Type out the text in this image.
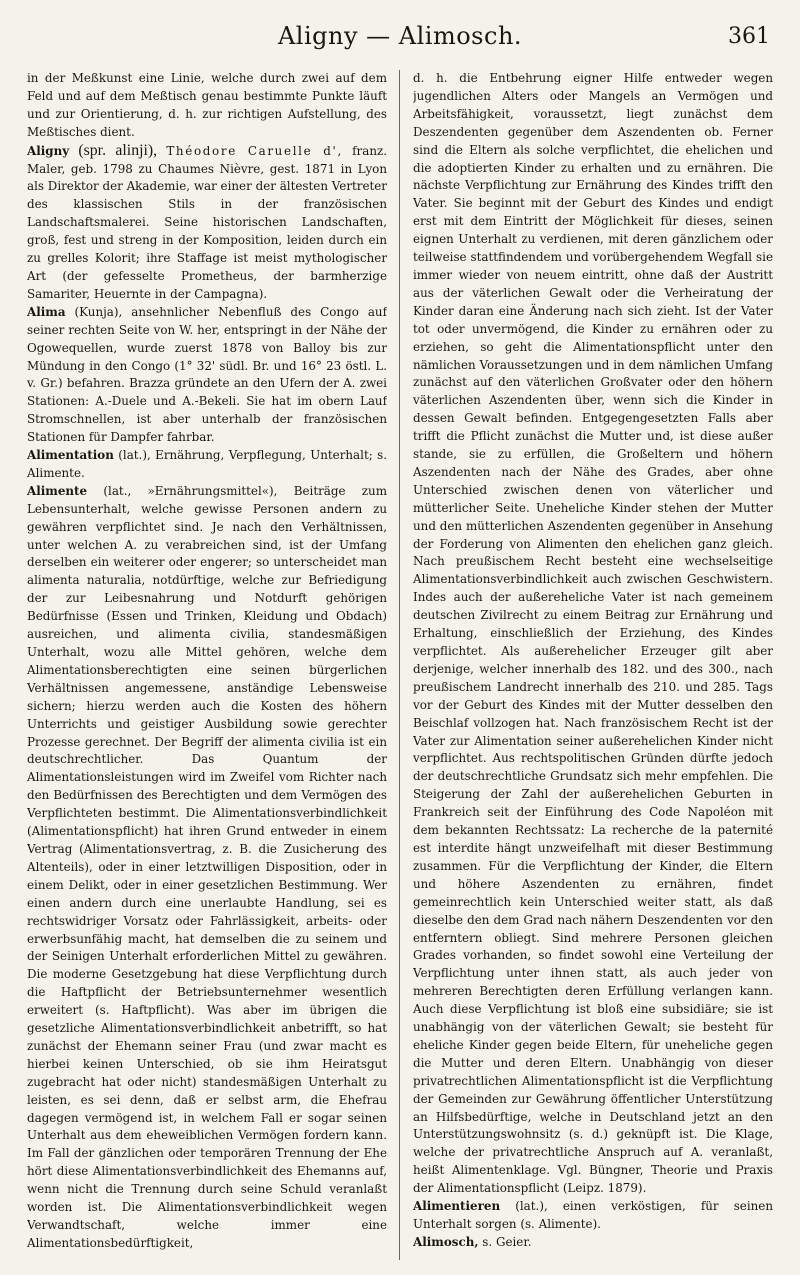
Aligny — Alimosch.	361

in der Meßkunst eine Linie, welche durch zwei auf dem Feld und auf dem Meßtisch genau bestimmte Punkte läuft und zur Orientierung, d. h. zur richtigen Aufstellung, des Meßtisches dient.

Aligny (spr. alinji), Théodore Caruelle d', franz. Maler, geb. 1798 zu Chaumes Nièvre, gest. 1871 in Lyon als Direktor der Akademie, war einer der ältesten Vertreter des klassischen Stils in der französischen Landschaftsmalerei. Seine historischen Landschaften, groß, fest und streng in der Komposition, leiden durch ein zu grelles Kolorit; ihre Staffage ist meist mythologischer Art (der gefesselte Prometheus, der barmherzige Samariter, Heuernte in der Campagna).

Alima (Kunja), ansehnlicher Nebenfluß des Congo auf seiner rechten Seite von W. her, entspringt in der Nähe der Ogowequellen, wurde zuerst 1878 von Balloy bis zur Mündung in den Congo (1° 32' südl. Br. und 16° 23 östl. L. v. Gr.) befahren. Brazza gründete an den Ufern der A. zwei Stationen: A.-Duele und A.-Bekeli. Sie hat im obern Lauf Stromschnellen, ist aber unterhalb der französischen Stationen für Dampfer fahrbar.

Alimentation (lat.), Ernährung, Verpflegung, Unterhalt; s. Alimente.

Alimente (lat., »Ernährungsmittel«), Beiträge zum Lebensunterhalt, welche gewisse Personen andern zu gewähren verpflichtet sind. Je nach den Verhältnissen, unter welchen A. zu verabreichen sind, ist der Umfang derselben ein weiterer oder engerer; so unterscheidet man alimenta naturalia, notdürftige, welche zur Befriedigung der zur Leibesnahrung und Notdurft gehörigen Bedürfnisse (Essen und Trinken, Kleidung und Obdach) ausreichen, und alimenta civilia, standesmäßigen Unterhalt, wozu alle Mittel gehören, welche dem Alimentationsberechtigten eine seinen bürgerlichen Verhältnissen angemessene, anständige Lebensweise sichern; hierzu werden auch die Kosten des höhern Unterrichts und geistiger Ausbildung sowie gerechter Prozesse gerechnet. Der Begriff der alimenta civilia ist ein deutschrechtlicher. Das Quantum der Alimentationsleistungen wird im Zweifel vom Richter nach den Bedürfnissen des Berechtigten und dem Vermögen des Verpflichteten bestimmt. Die Alimentationsverbindlichkeit (Alimentationspflicht) hat ihren Grund entweder in einem Vertrag (Alimentationsvertrag, z. B. die Zusicherung des Altenteils), oder in einer letztwilligen Disposition, oder in einem Delikt, oder in einer gesetzlichen Bestimmung. Wer einen andern durch eine unerlaubte Handlung, sei es rechtswidriger Vorsatz oder Fahrlässigkeit, arbeits- oder erwerbsunfähig macht, hat demselben die zu seinem und der Seinigen Unterhalt erforderlichen Mittel zu gewähren. Die moderne Gesetzgebung hat diese Verpflichtung durch die Haftpflicht der Betriebsunternehmer wesentlich erweitert (s. Haftpflicht). Was aber im übrigen die gesetzliche Alimentationsverbindlichkeit anbetrifft, so hat zunächst der Ehemann seiner Frau (und zwar macht es hierbei keinen Unterschied, ob sie ihm Heiratsgut zugebracht hat oder nicht) standesmäßigen Unterhalt zu leisten, es sei denn, daß er selbst arm, die Ehefrau dagegen vermögend ist, in welchem Fall er sogar seinen Unterhalt aus dem eheweiblichen Vermögen fordern kann. Im Fall der gänzlichen oder temporären Trennung der Ehe hört diese Alimentationsverbindlichkeit des Ehemanns auf, wenn nicht die Trennung durch seine Schuld veranlaßt worden ist. Die Alimentationsverbindlichkeit wegen Verwandtschaft, welche immer eine Alimentationsbedürftigkeit,

d. h. die Entbehrung eigner Hilfe entweder wegen jugendlichen Alters oder Mangels an Vermögen und Arbeitsfähigkeit, voraussetzt, liegt zunächst dem Deszendenten gegenüber dem Aszendenten ob. Ferner sind die Eltern als solche verpflichtet, die ehelichen und die adoptierten Kinder zu erhalten und zu ernähren. Die nächste Verpflichtung zur Ernährung des Kindes trifft den Vater. Sie beginnt mit der Geburt des Kindes und endigt erst mit dem Eintritt der Möglichkeit für dieses, seinen eignen Unterhalt zu verdienen, mit deren gänzlichem oder teilweise stattfindendem und vorübergehendem Wegfall sie immer wieder von neuem eintritt, ohne daß der Austritt aus der väterlichen Gewalt oder die Verheiratung der Kinder daran eine Änderung nach sich zieht. Ist der Vater tot oder unvermögend, die Kinder zu ernähren oder zu erziehen, so geht die Alimentationspflicht unter den nämlichen Voraussetzungen und in dem nämlichen Umfang zunächst auf den väterlichen Großvater oder den höhern väterlichen Aszendenten über, wenn sich die Kinder in dessen Gewalt befinden. Entgegengesetzten Falls aber trifft die Pflicht zunächst die Mutter und, ist diese außer stande, sie zu erfüllen, die Großeltern und höhern Aszendenten nach der Nähe des Grades, aber ohne Unterschied zwischen denen von väterlicher und mütterlicher Seite. Uneheliche Kinder stehen der Mutter und den mütterlichen Aszendenten gegenüber in Ansehung der Forderung von Alimenten den ehelichen ganz gleich. Nach preußischem Recht besteht eine wechselseitige Alimentationsverbindlichkeit auch zwischen Geschwistern. Indes auch der außereheliche Vater ist nach gemeinem deutschen Zivilrecht zu einem Beitrag zur Ernährung und Erhaltung, einschließlich der Erziehung, des Kindes verpflichtet. Als außerehelicher Erzeuger gilt aber derjenige, welcher innerhalb des 182. und des 300., nach preußischem Landrecht innerhalb des 210. und 285. Tags vor der Geburt des Kindes mit der Mutter desselben den Beischlaf vollzogen hat. Nach französischem Recht ist der Vater zur Alimentation seiner außerehelichen Kinder nicht verpflichtet. Aus rechtspolitischen Gründen dürfte jedoch der deutschrechtliche Grundsatz sich mehr empfehlen. Die Steigerung der Zahl der außerehelichen Geburten in Frankreich seit der Einführung des Code Napoléon mit dem bekannten Rechtssatz: La recherche de la paternité est interdite hängt unzweifelhaft mit dieser Bestimmung zusammen. Für die Verpflichtung der Kinder, die Eltern und höhere Aszendenten zu ernähren, findet gemeinrechtlich kein Unterschied weiter statt, als daß dieselbe den dem Grad nach nähern Deszendenten vor den entferntern obliegt. Sind mehrere Personen gleichen Grades vorhanden, so findet sowohl eine Verteilung der Verpflichtung unter ihnen statt, als auch jeder von mehreren Berechtigten deren Erfüllung verlangen kann. Auch diese Verpflichtung ist bloß eine subsidiäre; sie ist unabhängig von der väterlichen Gewalt; sie besteht für eheliche Kinder gegen beide Eltern, für uneheliche gegen die Mutter und deren Eltern. Unabhängig von dieser privatrechtlichen Alimentationspflicht ist die Verpflichtung der Gemeinden zur Gewährung öffentlicher Unterstützung an Hilfsbedürftige, welche in Deutschland jetzt an den Unterstützungswohnsitz (s. d.) geknüpft ist. Die Klage, welche der privatrechtliche Anspruch auf A. veranlaßt, heißt Alimentenklage. Vgl. Büngner, Theorie und Praxis der Alimentationspflicht (Leipz. 1879).

Alimentieren (lat.), einen verköstigen, für seinen Unterhalt sorgen (s. Alimente).

Alimosch, s. Geier.
